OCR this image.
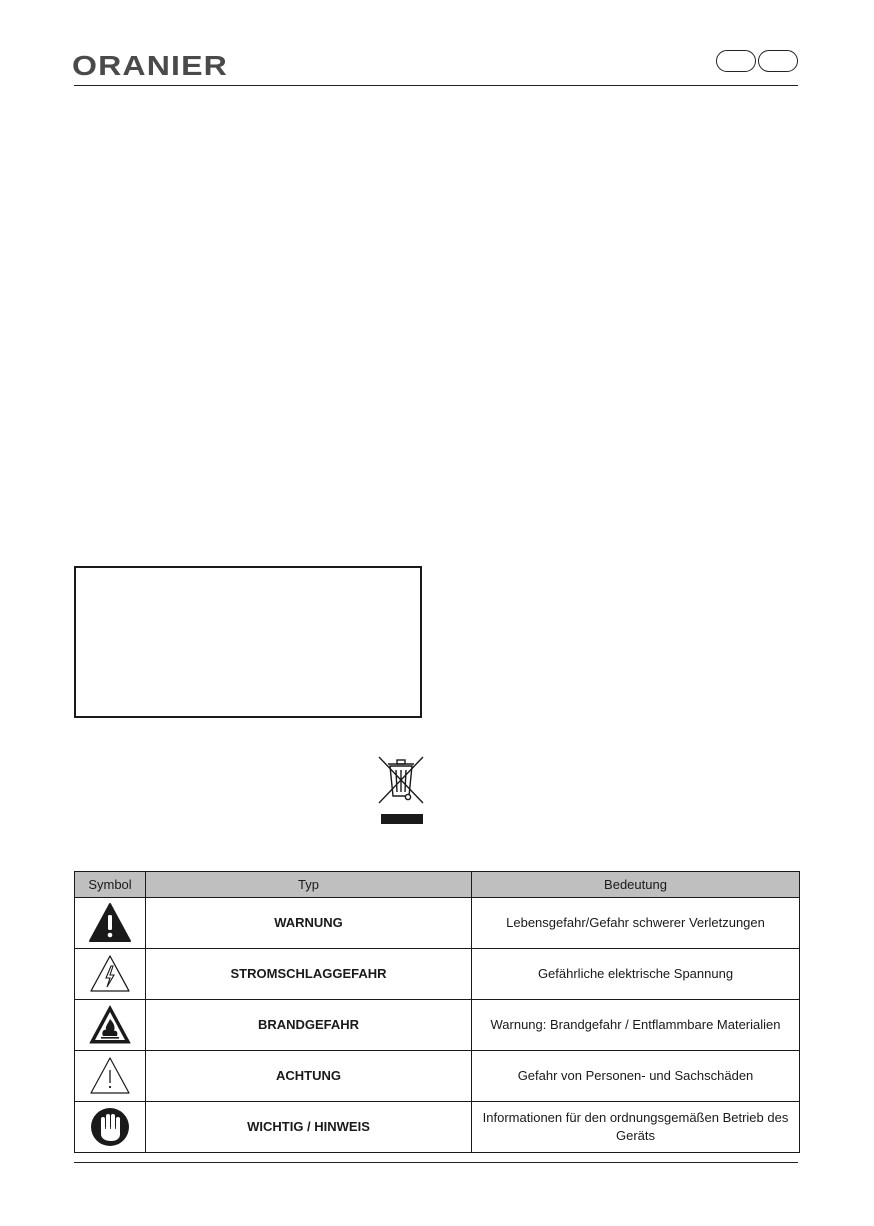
ORANIER
Symbol	Typ	Bedeutung

	WARNUNG	Lebensgefahr/Gefahr schwerer Verletzungen

	STROMSCHLAGGEFAHR	Gefährliche elektrische Spannung

	BRANDGEFAHR	Warnung: Brandgefahr / Entflammbare Materialien

	ACHTUNG	Gefahr von Personen- und Sachschäden

	WICHTIG / HINWEIS	Informationen für den ordnungsgemäßen Betrieb des Geräts
